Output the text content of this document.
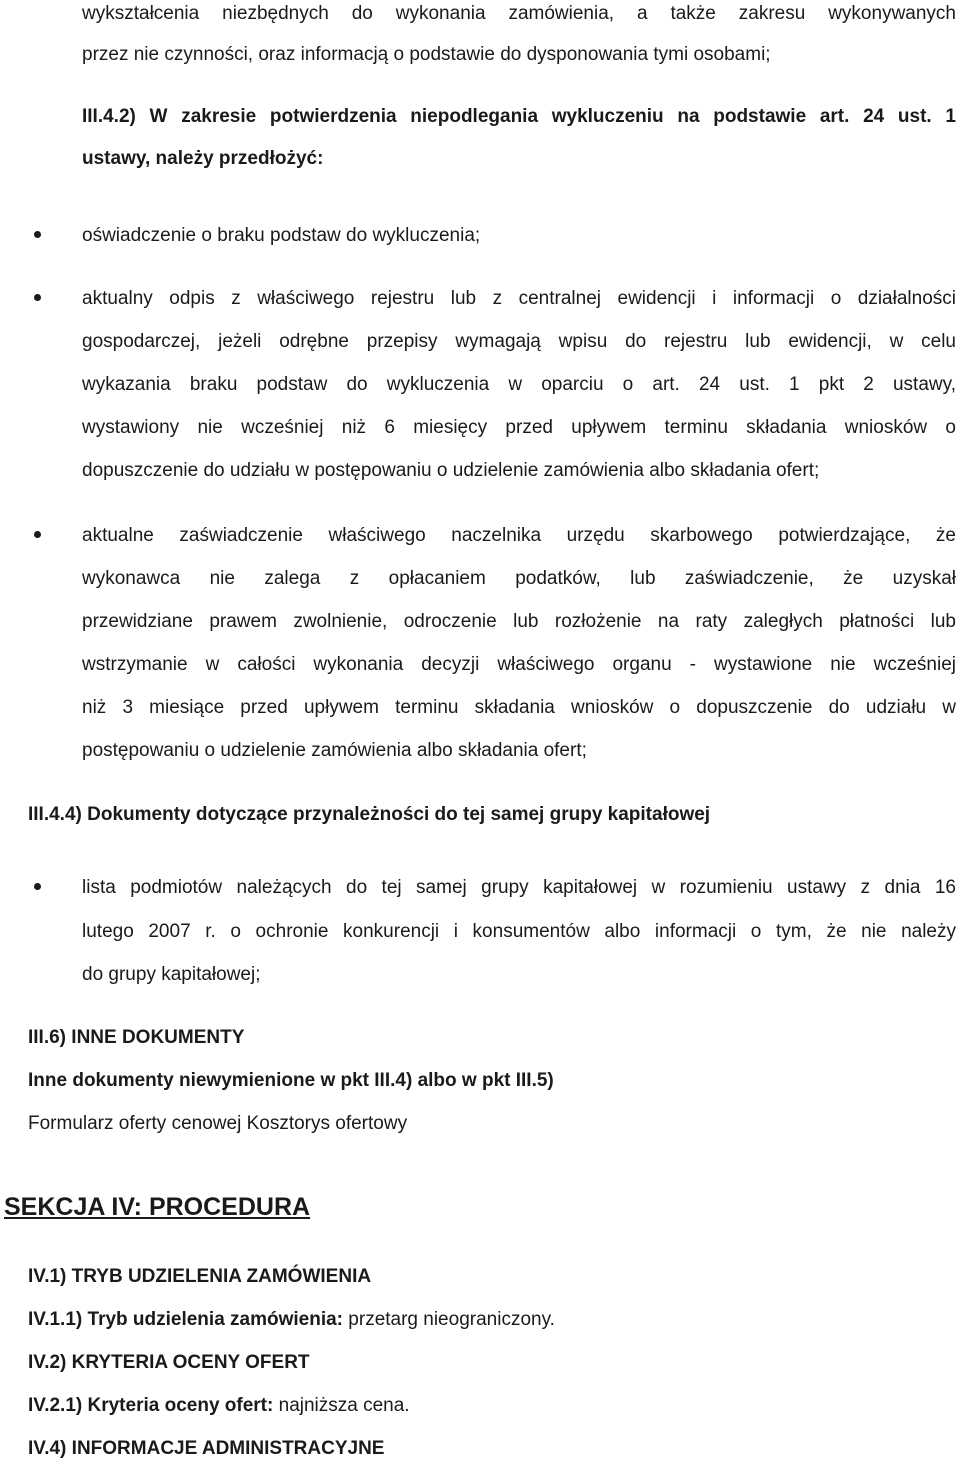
wykształcenia niezbędnych do wykonania zamówienia, a także zakresu wykonywanych
przez nie czynności, oraz informacją o podstawie do dysponowania tymi osobami;
III.4.2) W zakresie potwierdzenia niepodlegania wykluczeniu na podstawie art. 24 ust. 1
ustawy, należy przedłożyć:
oświadczenie o braku podstaw do wykluczenia;
aktualny odpis z właściwego rejestru lub z centralnej ewidencji i informacji o działalności
gospodarczej, jeżeli odrębne przepisy wymagają wpisu do rejestru lub ewidencji, w celu
wykazania braku podstaw do wykluczenia w oparciu o art. 24 ust. 1 pkt 2 ustawy,
wystawiony nie wcześniej niż 6 miesięcy przed upływem terminu składania wniosków o
dopuszczenie do udziału w postępowaniu o udzielenie zamówienia albo składania ofert;
aktualne zaświadczenie właściwego naczelnika urzędu skarbowego potwierdzające, że
wykonawca nie zalega z opłacaniem podatków, lub zaświadczenie, że uzyskał
przewidziane prawem zwolnienie, odroczenie lub rozłożenie na raty zaległych płatności lub
wstrzymanie w całości wykonania decyzji właściwego organu - wystawione nie wcześniej
niż 3 miesiące przed upływem terminu składania wniosków o dopuszczenie do udziału w
postępowaniu o udzielenie zamówienia albo składania ofert;
III.4.4) Dokumenty dotyczące przynależności do tej samej grupy kapitałowej
lista podmiotów należących do tej samej grupy kapitałowej w rozumieniu ustawy z dnia 16
lutego 2007 r. o ochronie konkurencji i konsumentów albo informacji o tym, że nie należy
do grupy kapitałowej;
III.6) INNE DOKUMENTY
Inne dokumenty niewymienione w pkt III.4) albo w pkt III.5)
Formularz oferty cenowej Kosztorys ofertowy
SEKCJA IV: PROCEDURA
IV.1) TRYB UDZIELENIA ZAMÓWIENIA
IV.1.1) Tryb udzielenia zamówienia: przetarg nieograniczony.
IV.2) KRYTERIA OCENY OFERT
IV.2.1) Kryteria oceny ofert: najniższa cena.
IV.4) INFORMACJE ADMINISTRACYJNE
